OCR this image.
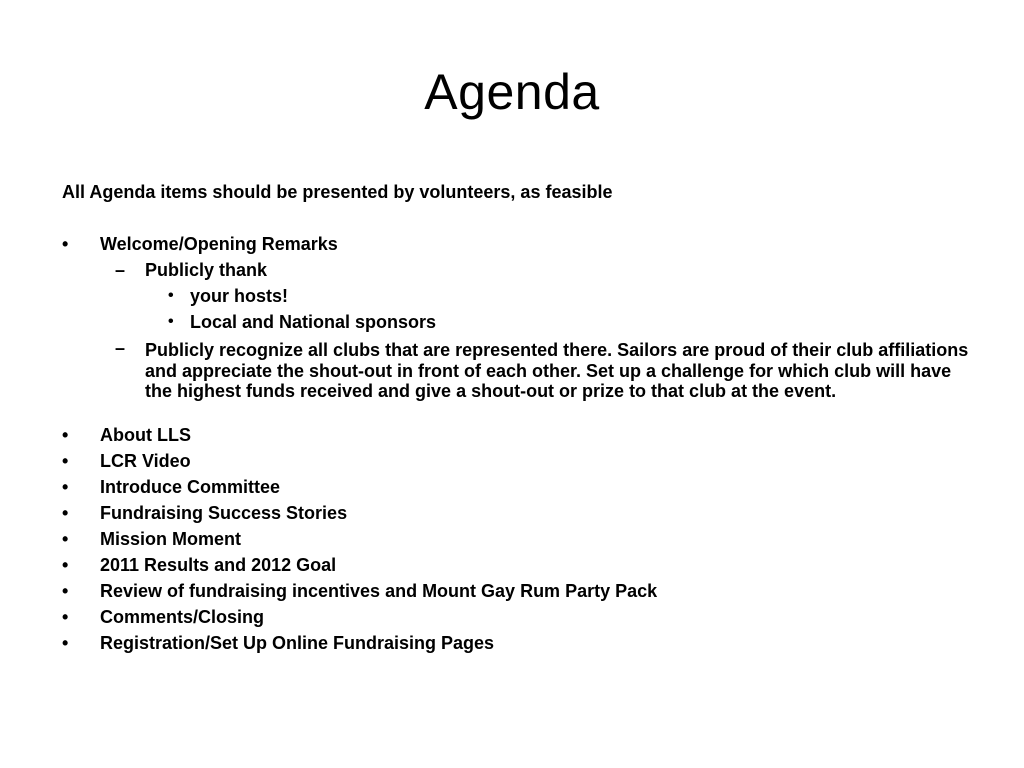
Agenda
All Agenda items should be presented by volunteers, as feasible
• Welcome/Opening Remarks
– Publicly thank
• your hosts!
• Local and National sponsors
– Publicly recognize all clubs that are represented there. Sailors are proud of their club affiliations and appreciate the shout-out in front of each other. Set up a challenge for which club will have the highest funds received and give a shout-out or prize to that club at the event.
• About LLS
• LCR Video
• Introduce Committee
• Fundraising Success Stories
• Mission Moment
• 2011 Results and 2012 Goal
• Review of fundraising incentives and Mount Gay Rum Party Pack
• Comments/Closing
• Registration/Set Up Online Fundraising Pages
